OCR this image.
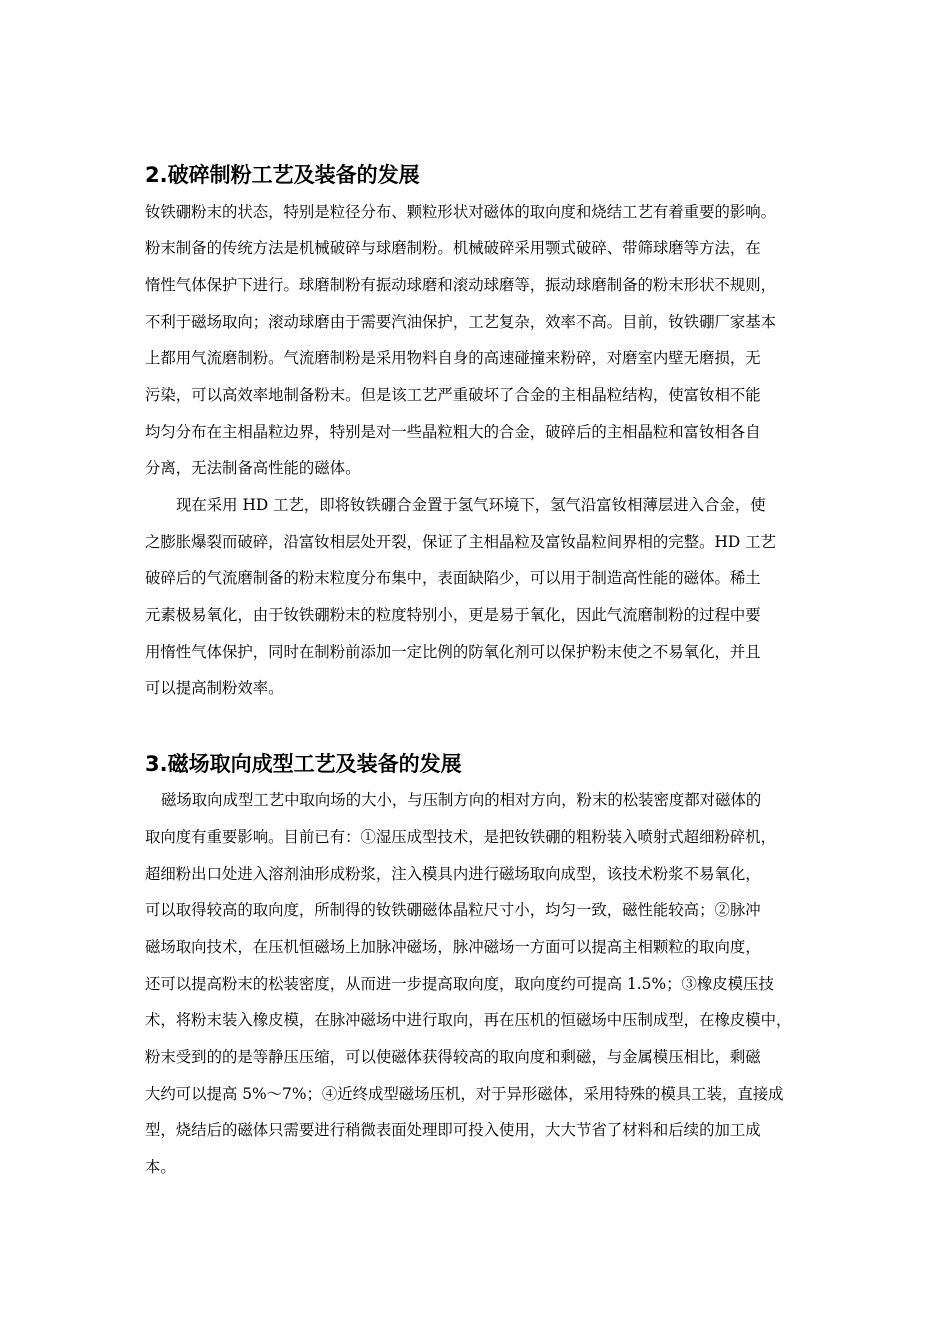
2.破碎制粉工艺及装备的发展
钕铁硼粉末的状态，特别是粒径分布、颗粒形状对磁体的取向度和烧结工艺有着重要的影响。
粉末制备的传统方法是机械破碎与球磨制粉。机械破碎采用颚式破碎、带筛球磨等方法，在
惰性气体保护下进行。球磨制粉有振动球磨和滚动球磨等，振动球磨制备的粉末形状不规则，
不利于磁场取向；滚动球磨由于需要汽油保护，工艺复杂，效率不高。目前，钕铁硼厂家基本
上都用气流磨制粉。气流磨制粉是采用物料自身的高速碰撞来粉碎，对磨室内壁无磨损，无
污染，可以高效率地制备粉末。但是该工艺严重破坏了合金的主相晶粒结构，使富钕相不能
均匀分布在主相晶粒边界，特别是对一些晶粒粗大的合金，破碎后的主相晶粒和富钕相各自
分离，无法制备高性能的磁体。
现在采用 HD 工艺，即将钕铁硼合金置于氢气环境下，氢气沿富钕相薄层进入合金，使
之膨胀爆裂而破碎，沿富钕相层处开裂，保证了主相晶粒及富钕晶粒间界相的完整。HD 工艺
破碎后的气流磨制备的粉末粒度分布集中，表面缺陷少，可以用于制造高性能的磁体。稀土
元素极易氧化，由于钕铁硼粉末的粒度特别小，更是易于氧化，因此气流磨制粉的过程中要
用惰性气体保护，同时在制粉前添加一定比例的防氧化剂可以保护粉末使之不易氧化，并且
可以提高制粉效率。
3.磁场取向成型工艺及装备的发展
磁场取向成型工艺中取向场的大小，与压制方向的相对方向，粉末的松装密度都对磁体的
取向度有重要影响。目前已有：①湿压成型技术，是把钕铁硼的粗粉装入喷射式超细粉碎机，
超细粉出口处进入溶剂油形成粉浆，注入模具内进行磁场取向成型，该技术粉浆不易氧化，
可以取得较高的取向度，所制得的钕铁硼磁体晶粒尺寸小，均匀一致，磁性能较高；②脉冲
磁场取向技术，在压机恒磁场上加脉冲磁场，脉冲磁场一方面可以提高主相颗粒的取向度，
还可以提高粉末的松装密度，从而进一步提高取向度，取向度约可提高 1.5%；③橡皮模压技
术，将粉末装入橡皮模，在脉冲磁场中进行取向，再在压机的恒磁场中压制成型，在橡皮模中，
粉末受到的的是等静压压缩，可以使磁体获得较高的取向度和剩磁，与金属模压相比，剩磁
大约可以提高 5%～7%；④近终成型磁场压机，对于异形磁体，采用特殊的模具工装，直接成
型，烧结后的磁体只需要进行稍微表面处理即可投入使用，大大节省了材料和后续的加工成
本。
